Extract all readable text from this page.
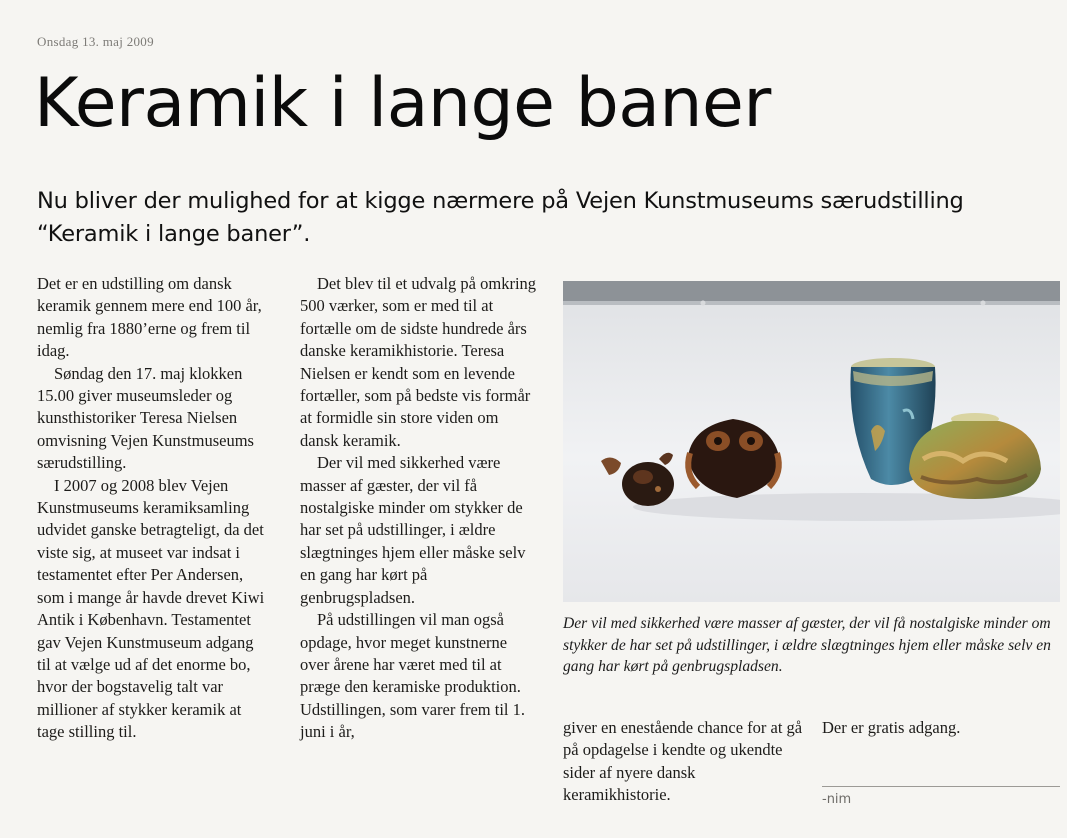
Onsdag 13. maj 2009
Keramik i lange baner

Nu bliver der mulighed for at kigge nærmere på Vejen Kunstmuseums særudstilling “Keramik i lange baner”.

Det er en udstilling om dansk keramik gennem mere end 100 år, nemlig fra 1880’erne og frem til idag.

Søndag den 17. maj klokken 15.00 giver museumsleder og kunsthistoriker Teresa Nielsen omvisning Vejen Kunstmuseums særudstilling.

I 2007 og 2008 blev Vejen Kunstmuseums keramiksamling udvidet ganske betragteligt, da det viste sig, at museet var indsat i testamentet efter Per Andersen, som i mange år havde drevet Kiwi Antik i København. Testamentet gav Vejen Kunstmuseum adgang til at vælge ud af det enorme bo, hvor der bogstavelig talt var millioner af stykker keramik at tage stilling til.

Det blev til et udvalg på omkring 500 værker, som er med til at fortælle om de sidste hundrede års danske keramikhistorie. Teresa Nielsen er kendt som en levende fortæller, som på bedste vis formår at formidle sin store viden om dansk keramik.

Der vil med sikkerhed være masser af gæster, der vil få nostalgiske minder om stykker de har set på udstillinger, i ældre slægtninges hjem eller måske selv en gang har kørt på genbrugspladsen.

På udstillingen vil man også opdage, hvor meget kunstnerne over årene har været med til at præge den keramiske produktion. Udstillingen, som varer frem til 1. juni i år,

Der vil med sikkerhed være masser af gæster, der vil få nostalgiske minder om stykker de har set på udstillinger, i ældre slægtninges hjem eller måske selv en gang har kørt på genbrugspladsen.

giver en enestående chance for at gå på opdagelse i kendte og ukendte sider af nyere dansk keramikhistorie.

Der er gratis adgang.

-nim
